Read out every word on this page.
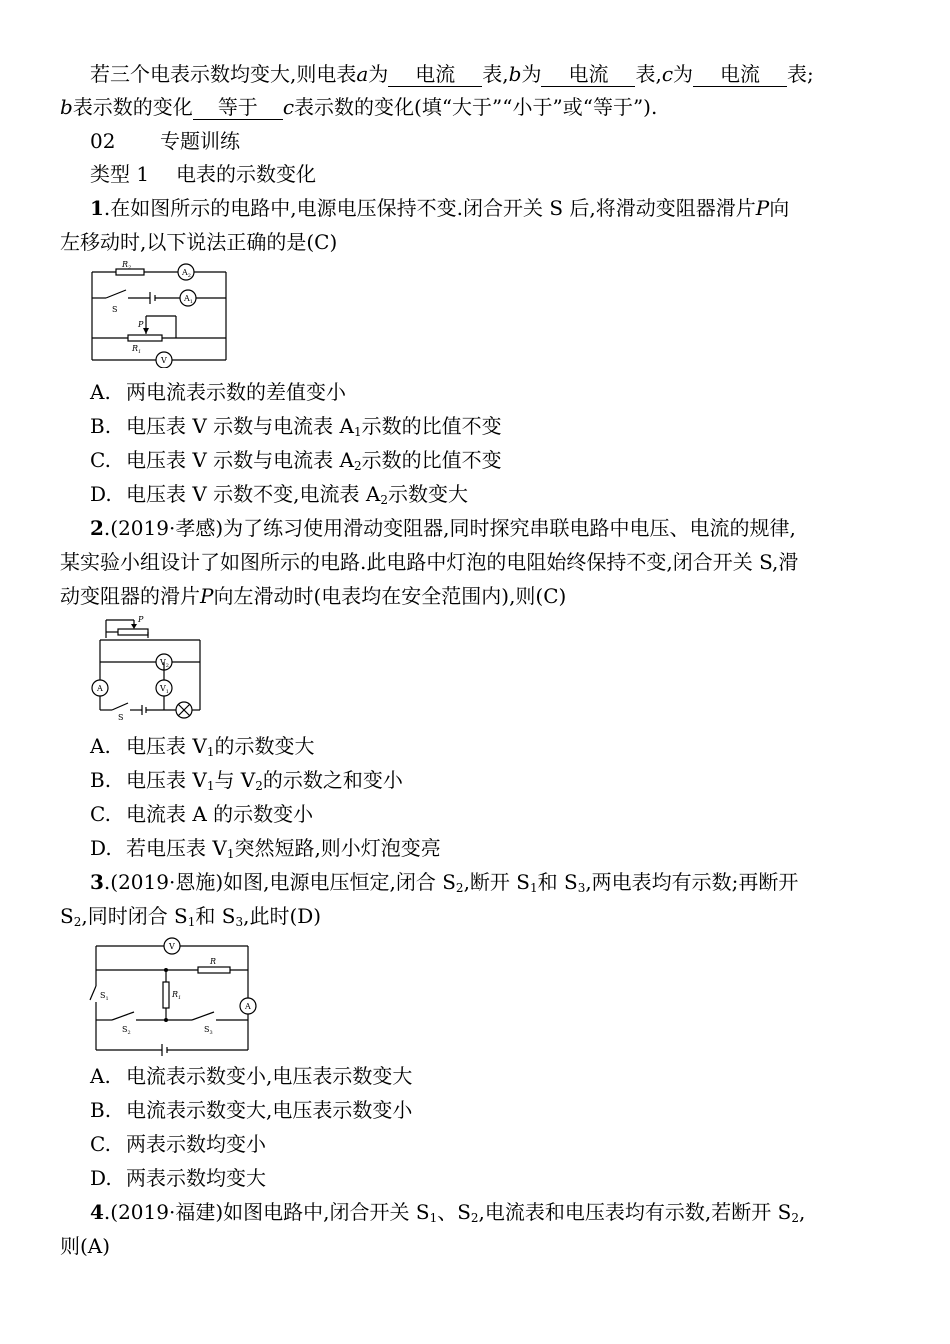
若三个电表示数均变大,则电表a为 电流 表,b为 电流 表,c为 电流 表;
b表示数的变化 等于 c表示数的变化(填“大于”“小于”或“等于”).
02 专题训练
类型 1 电表的示数变化
1.在如图所示的电路中,电源电压保持不变.闭合开关 S 后,将滑动变阻器滑片P向
左移动时,以下说法正确的是(C)
$R_2$	$A_2$
$A_1$
S
P
$R_1$
V
A. 两电流表示数的差值变小
B. 电压表 V 示数与电流表 $A_1$示数的比值不变
C. 电压表 V 示数与电流表 $A_2$示数的比值不变
D. 电压表 V 示数不变,电流表 $A_2$示数变大
2.(2019·孝感)为了练习使用滑动变阻器,同时探究串联电路中电压、电流的规律,
某实验小组设计了如图所示的电路.此电路中灯泡的电阻始终保持不变,闭合开关 S,滑
动变阻器的滑片P向左滑动时(电表均在安全范围内),则(C)
P
$V_2$
A	$V_1$
S
A. 电压表 $V_1$的示数变大
B. 电压表 $V_1$与 $V_2$的示数之和变小
C. 电流表 A 的示数变小
D. 若电压表 $V_1$突然短路,则小灯泡变亮
3.(2019·恩施)如图,电源电压恒定,闭合 $S_2$,断开 $S_1$和 $S_3$,两电表均有示数;再断开
$S_2$,同时闭合 $S_1$和 $S_3$,此时(D)
V
R
$R_1$
A
$S_1$
$S_2$	$S_3$
A. 电流表示数变小,电压表示数变大
B. 电流表示数变大,电压表示数变小
C. 两表示数均变小
D. 两表示数均变大
4.(2019·福建)如图电路中,闭合开关 $S_1$、$S_2$,电流表和电压表均有示数,若断开 $S_2$,
则(A)
